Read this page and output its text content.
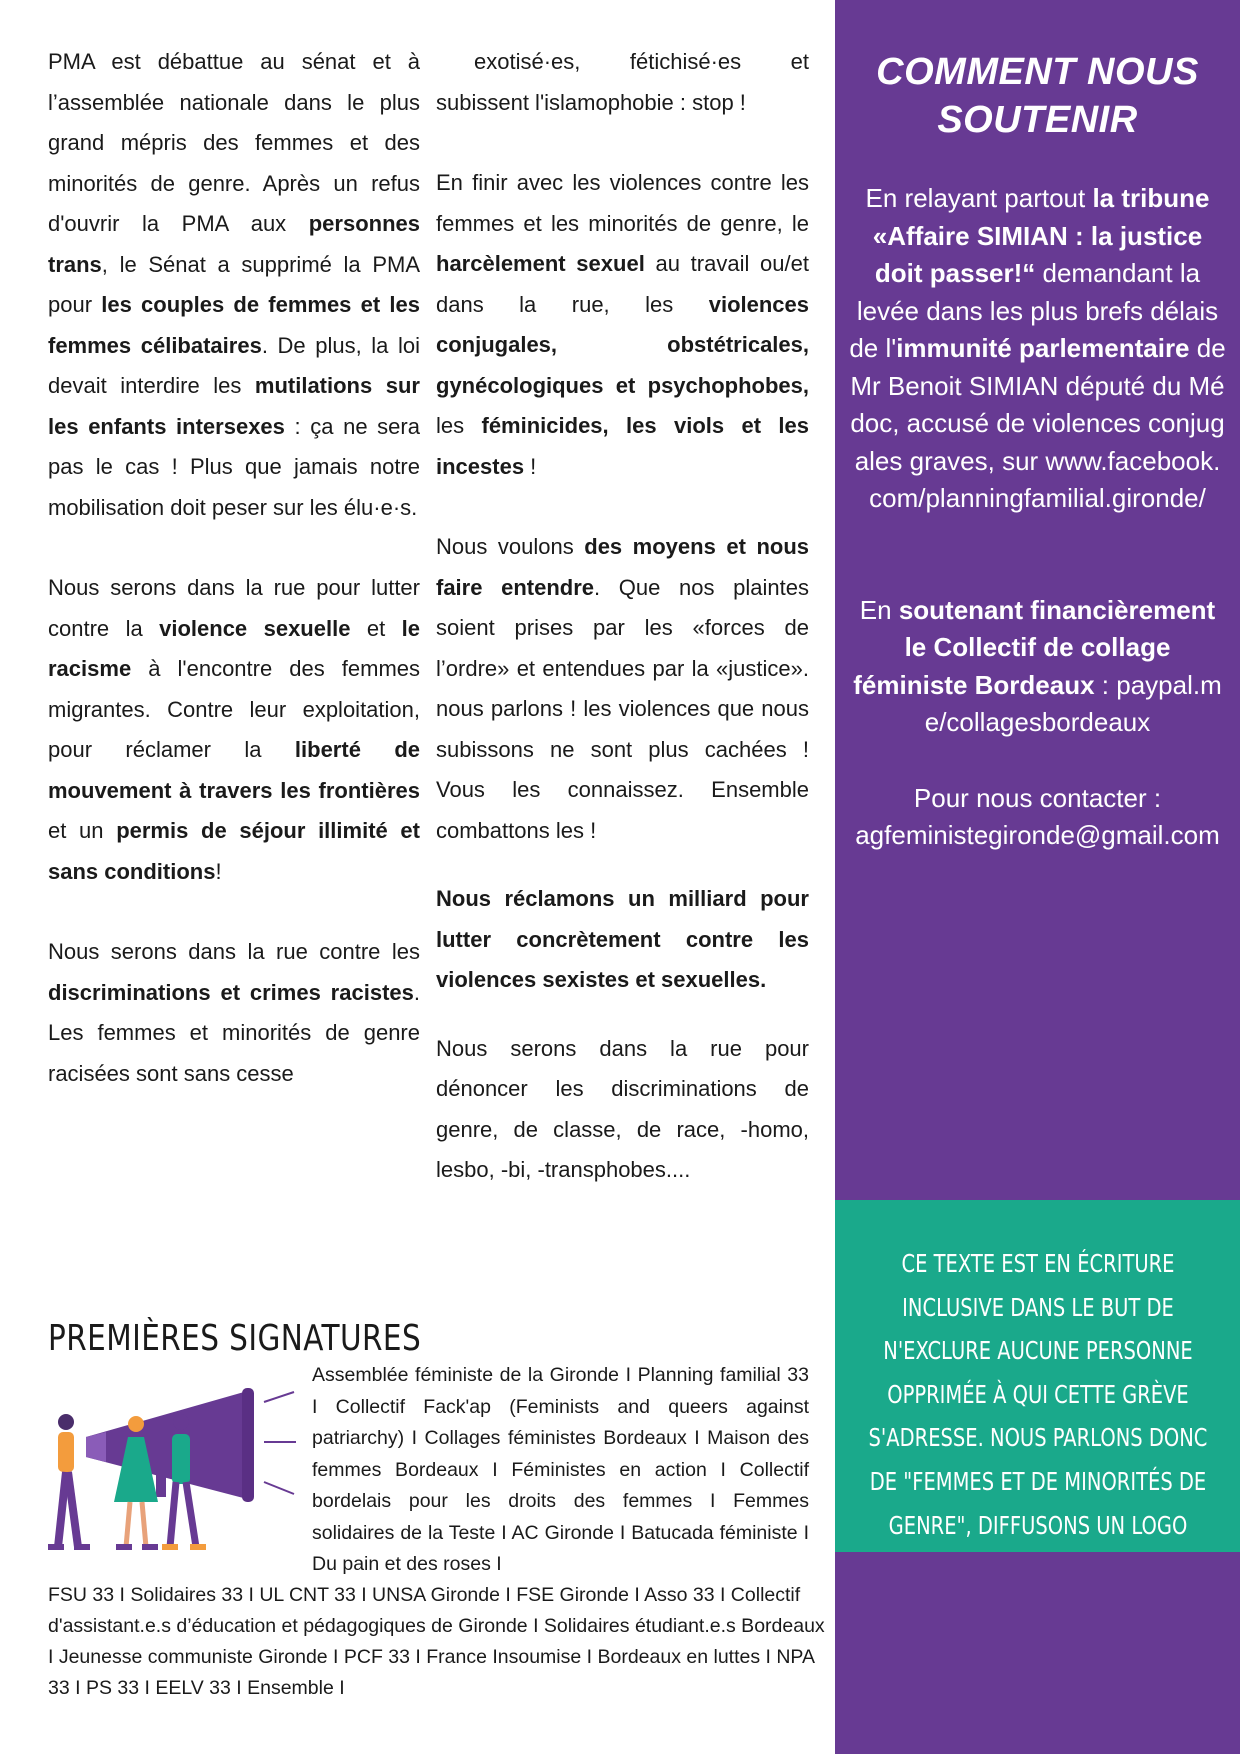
PMA est débattue au sénat et à l’assemblée nationale dans le plus grand mépris des femmes et des minorités de genre. Après un refus d'ouvrir la PMA aux personnes trans, le Sénat a supprimé la PMA pour les couples de femmes et les femmes célibataires. De plus, la loi devait interdire les mutilations sur les enfants intersexes : ça ne sera pas le cas ! Plus que jamais notre mobilisation doit peser sur les élu·e·s.

Nous serons dans la rue pour lutter contre la violence sexuelle et le racisme à l'encontre des femmes migrantes. Contre leur exploitation, pour réclamer la liberté de mouvement à travers les frontières et un permis de séjour illimité et sans conditions!

Nous serons dans la rue contre les discriminations et crimes racistes. Les femmes et minorités de genre racisées sont sans cesse

exotisé·es, fétichisé·es et subissent l'islamophobie : stop !

En finir avec les violences contre les femmes et les minorités de genre, le harcèlement sexuel au travail ou/et dans la rue, les violences conjugales, obstétricales, gynécologiques et psychophobes, les féminicides, les viols et les incestes !

Nous voulons des moyens et nous faire entendre. Que nos plaintes soient prises par les «forces de l’ordre» et entendues par la «justice». nous parlons ! les violences que nous subissons ne sont plus cachées ! Vous les connaissez. Ensemble combattons les !

Nous réclamons un milliard pour lutter concrètement contre les violences sexistes et sexuelles.

Nous serons dans la rue pour dénoncer les discriminations de genre, de classe, de race, -homo, lesbo, -bi, -transphobes....

COMMENT NOUS SOUTENIR
En relayant partout la tribune «Affaire SIMIAN : la justice doit passer!“ demandant la levée dans les plus brefs délais de l'immunité parlementaire de Mr Benoit SIMIAN député du Médoc, accusé de violences conjugales graves, sur www.facebook.com/planningfamilial.gironde/
En soutenant financièrement le Collectif de collage féministe Bordeaux : paypal.me/collagesbordeaux
Pour nous contacter : agfeministegironde@gmail.com
CE TEXTE EST EN ÉCRITURE INCLUSIVE DANS LE BUT DE N'EXCLURE AUCUNE PERSONNE OPPRIMÉE À QUI CETTE GRÈVE S'ADRESSE. NOUS PARLONS DONC DE "FEMMES ET DE MINORITÉS DE GENRE", DIFFUSONS UN LOGO
PREMIÈRES SIGNATURES
Assemblée féministe de la Gironde I Planning familial 33 I Collectif Fack'ap (Feminists and queers against patriarchy) I Collages féministes Bordeaux I Maison des femmes Bordeaux I Féministes en action I Collectif bordelais pour les droits des femmes I Femmes solidaires de la Teste I AC Gironde I Batucada féministe I Du pain et des roses I
FSU 33 I Solidaires 33 I UL CNT 33 I UNSA Gironde I FSE Gironde I Asso 33 I Collectif d'assistant.e.s d’éducation et pédagogiques de Gironde I Solidaires étudiant.e.s Bordeaux I Jeunesse communiste Gironde I PCF 33 I France Insoumise I Bordeaux en luttes I NPA 33 I PS 33 I EELV 33 I Ensemble I
